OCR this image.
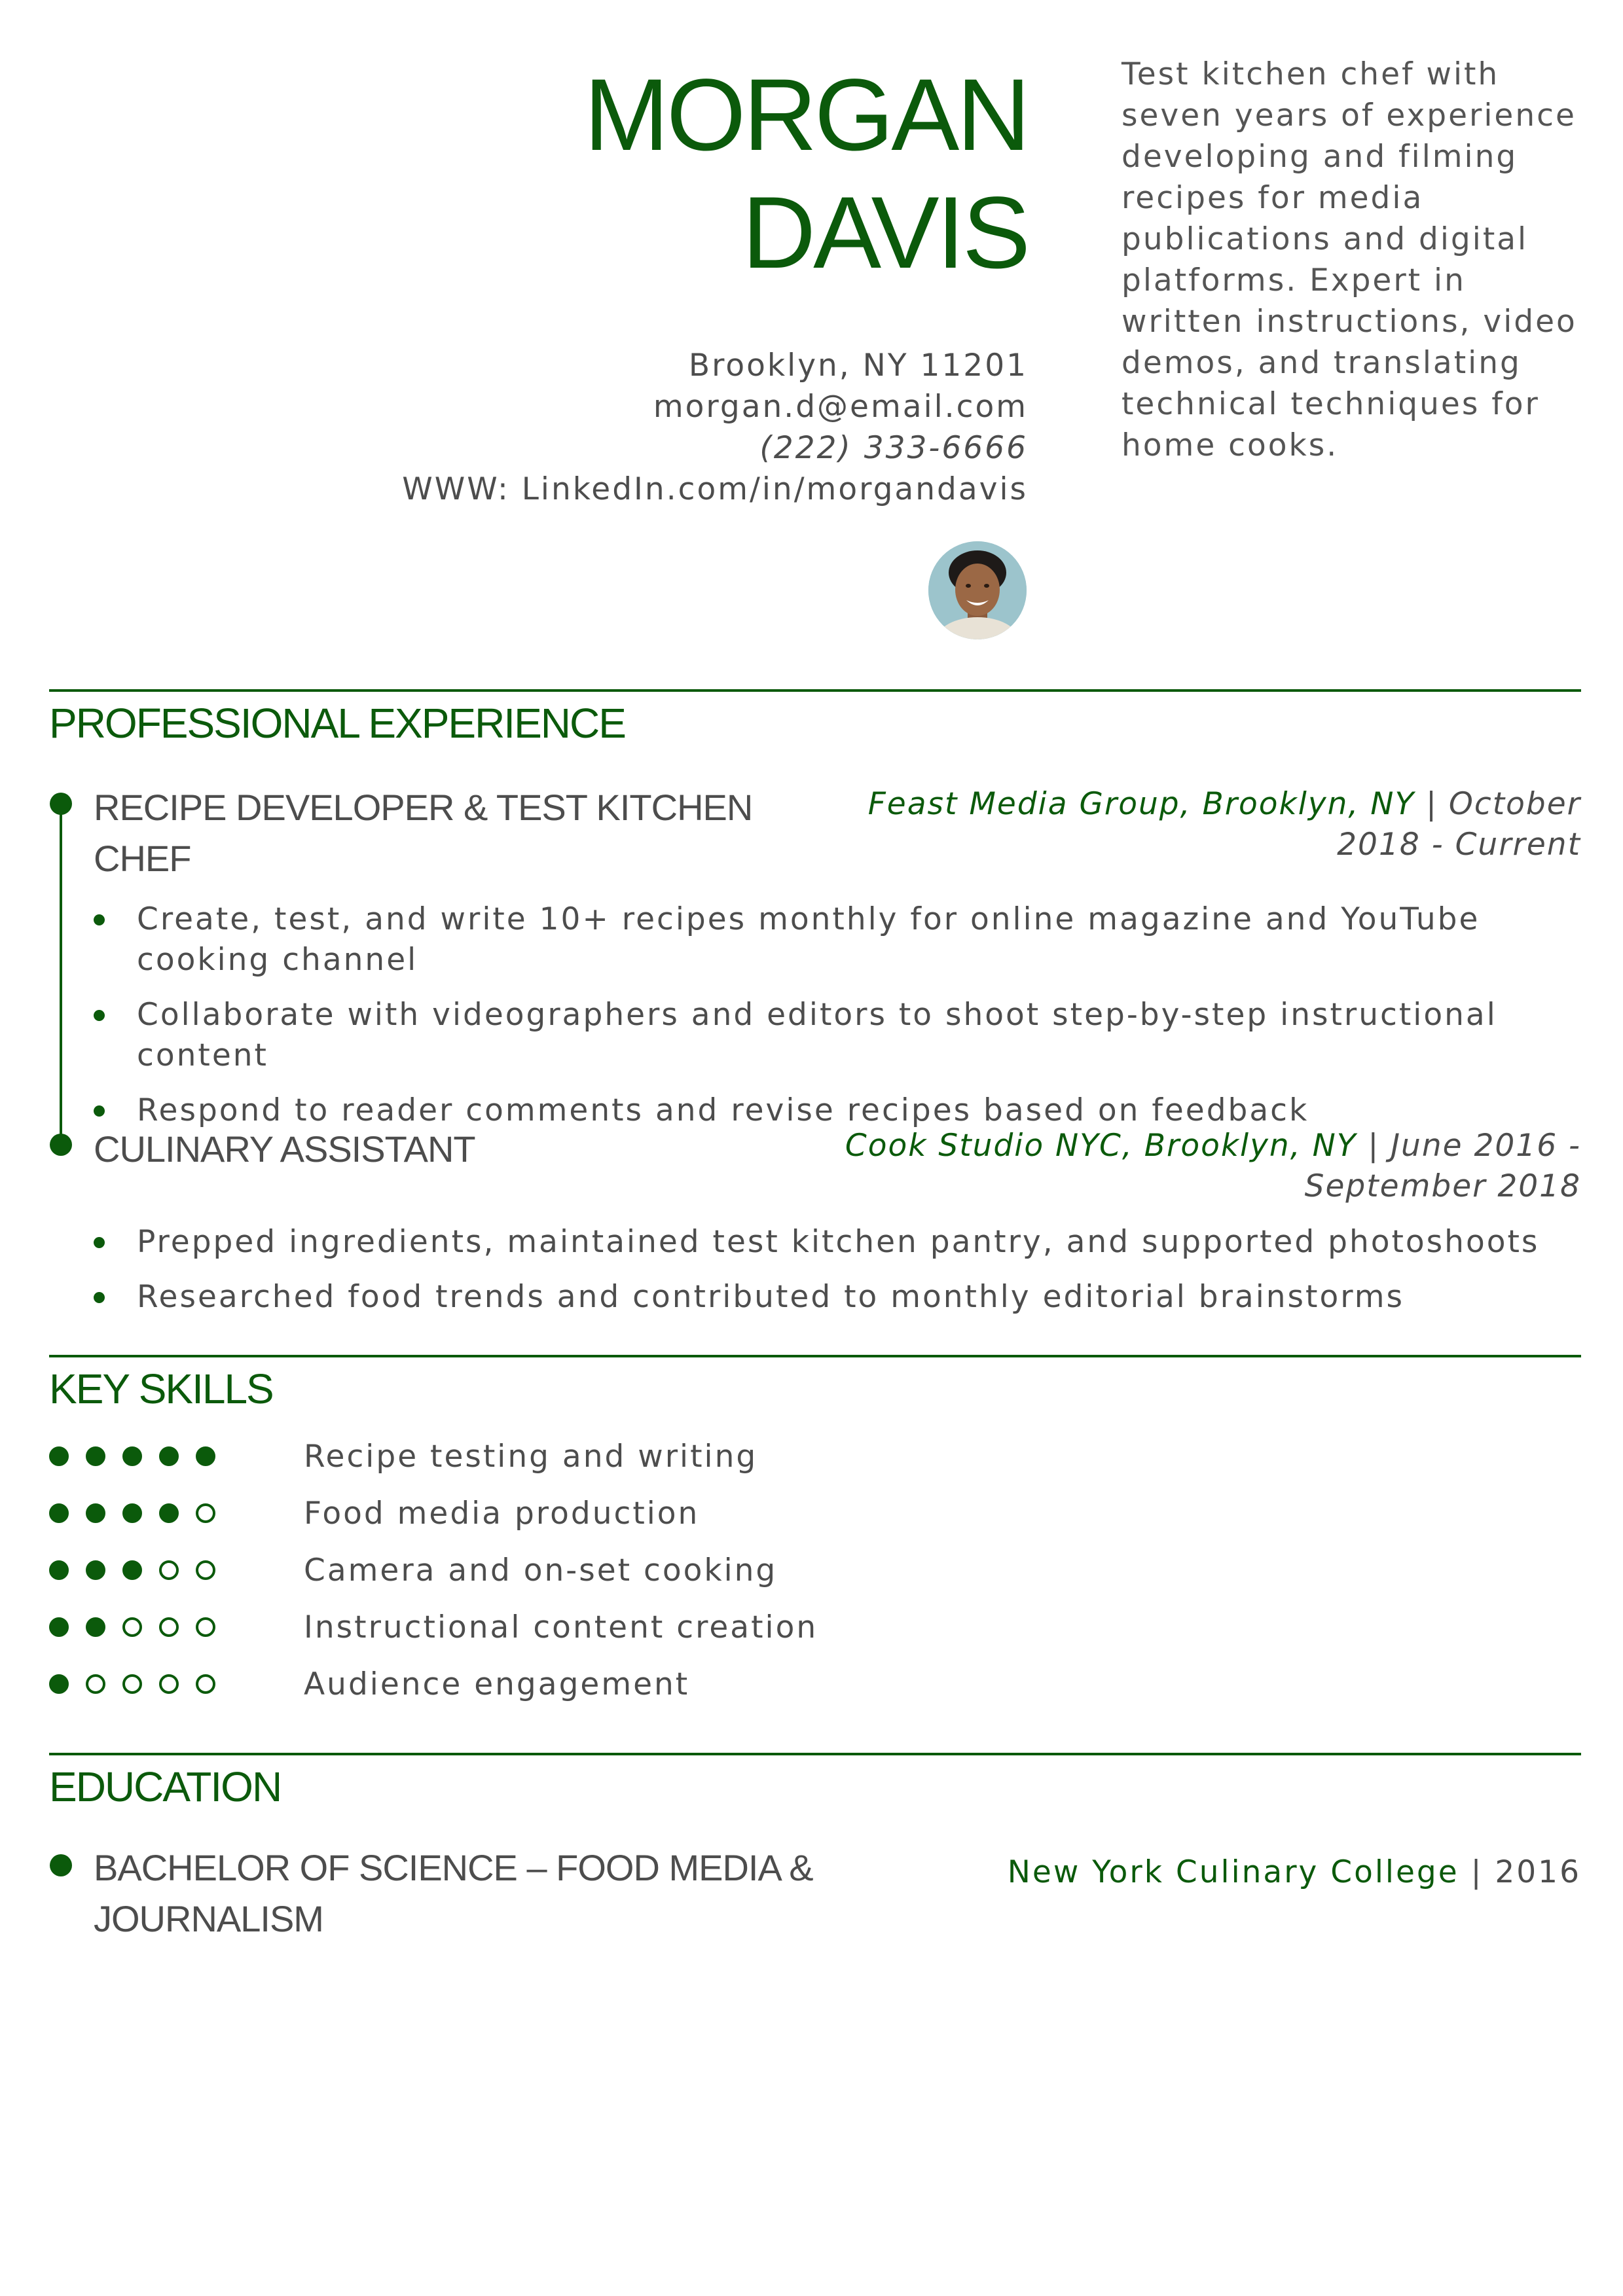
MORGAN
DAVIS
Brooklyn, NY 11201
morgan.d@email.com
(222) 333-6666
WWW: LinkedIn.com/in/morgandavis
Test kitchen chef with seven years of experience developing and filming recipes for media publications and digital platforms. Expert in written instructions, video demos, and translating technical techniques for home cooks.
PROFESSIONAL EXPERIENCE
RECIPE DEVELOPER & TEST KITCHEN CHEF
Feast Media Group, Brooklyn, NY | October 2018 - Current
Create, test, and write 10+ recipes monthly for online magazine and YouTube cooking channel
Collaborate with videographers and editors to shoot step-by-step instructional content
Respond to reader comments and revise recipes based on feedback
CULINARY ASSISTANT	Cook Studio NYC, Brooklyn, NY | June 2016 - September 2018
Prepped ingredients, maintained test kitchen pantry, and supported photoshoots
Researched food trends and contributed to monthly editorial brainstorms
KEY SKILLS
Recipe testing and writing
Food media production
Camera and on-set cooking
Instructional content creation
Audience engagement
EDUCATION
BACHELOR OF SCIENCE – FOOD MEDIA & JOURNALISM
New York Culinary College | 2016
